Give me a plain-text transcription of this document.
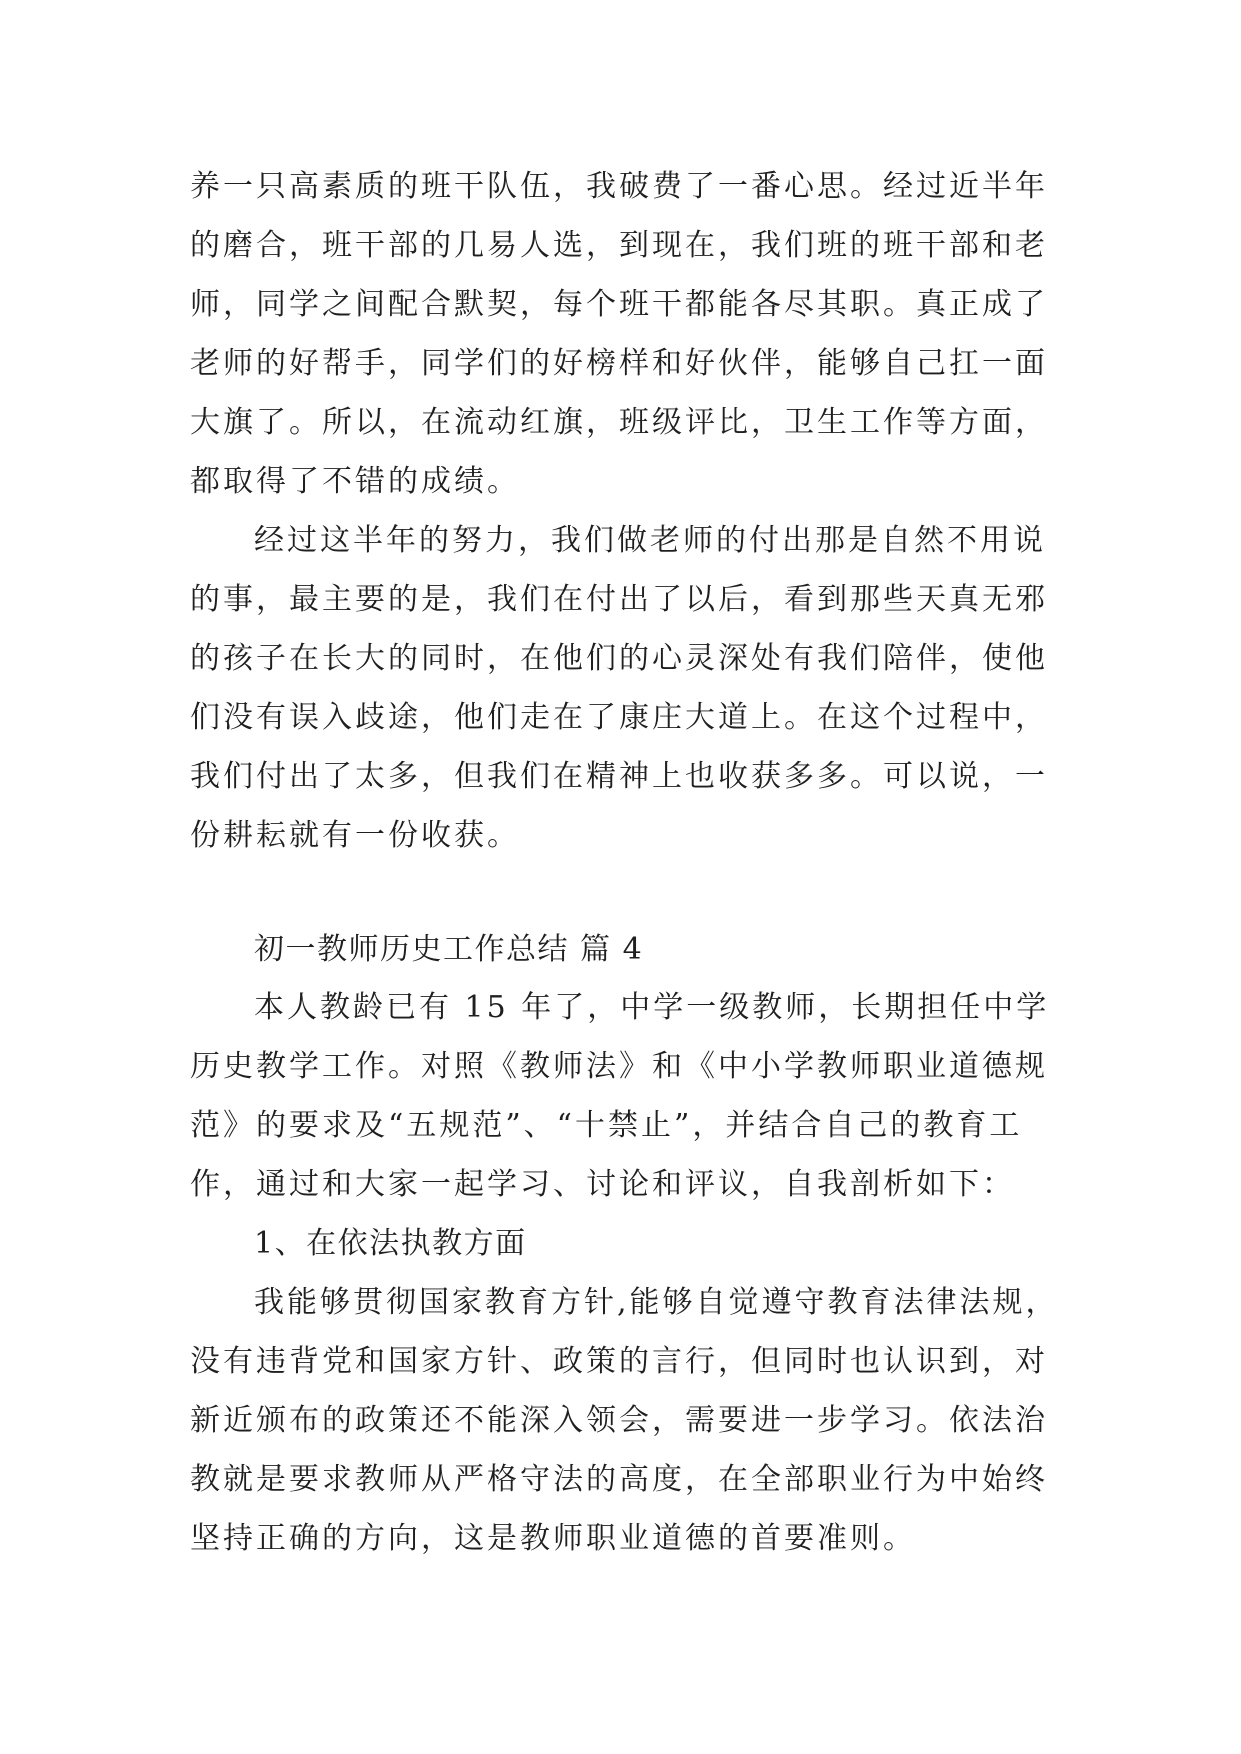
养一只高素质的班干队伍，我破费了一番心思。经过近半年

的磨合，班干部的几易人选，到现在，我们班的班干部和老

师，同学之间配合默契，每个班干都能各尽其职。真正成了

老师的好帮手，同学们的好榜样和好伙伴，能够自己扛一面

大旗了。所以，在流动红旗，班级评比，卫生工作等方面，

都取得了不错的成绩。

经过这半年的努力，我们做老师的付出那是自然不用说

的事，最主要的是，我们在付出了以后，看到那些天真无邪

的孩子在长大的同时，在他们的心灵深处有我们陪伴，使他

们没有误入歧途，他们走在了康庄大道上。在这个过程中，

我们付出了太多，但我们在精神上也收获多多。可以说，一

份耕耘就有一份收获。

初一教师历史工作总结 篇 4

本人教龄已有 15 年了，中学一级教师，长期担任中学

历史教学工作。对照《教师法》和《中小学教师职业道德规

范》的要求及“五规范”、“十禁止”，并结合自己的教育工

作，通过和大家一起学习、讨论和评议，自我剖析如下：

1、在依法执教方面

我能够贯彻国家教育方针,能够自觉遵守教育法律法规，

没有违背党和国家方针、政策的言行，但同时也认识到，对

新近颁布的政策还不能深入领会，需要进一步学习。依法治

教就是要求教师从严格守法的高度，在全部职业行为中始终

坚持正确的方向，这是教师职业道德的首要准则。
